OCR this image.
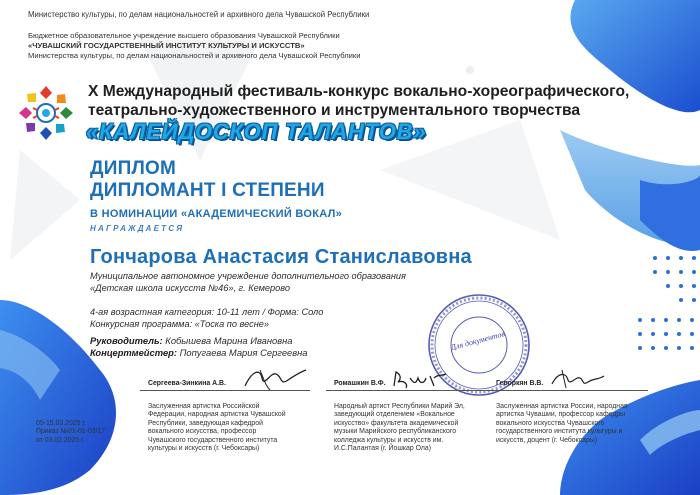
Министерство культуры, по делам национальностей и архивного дела Чувашской Республики
Бюджетное образовательное учреждение высшего образования Чувашской Республики
«ЧУВАШСКИЙ ГОСУДАРСТВЕННЫЙ ИНСТИТУТ КУЛЬТУРЫ И ИСКУССТВ»
Министерства культуры, по делам национальностей и архивного дела Чувашской Республики
X Международный фестиваль-конкурс вокально-хореографического,
театрально-художественного и инструментального творчества
«КАЛЕЙДОСКОП ТАЛАНТОВ»
ДИПЛОМ
ДИПЛОМАНТ I СТЕПЕНИ
В НОМИНАЦИИ «АКАДЕМИЧЕСКИЙ ВОКАЛ»
НАГРАЖДАЕТСЯ
Гончарова Анастасия Станиславовна
Муниципальное автономное учреждение дополнительного образования
«Детская школа искусств №46», г. Кемерово
4-ая возрастная категория: 10-11 лет / Форма: Соло
Конкурсная программа: «Тоска по весне»
Руководитель: Кобышева Марина Ивановна
Концертмейстер: Попугаева Мария Сергеевна
Для документов
Сергеева-Зинкина А.В.
Заслуженная артистка Российской
Федерации, народная артистка Чувашской
Республики, заведующая кафедрой
вокального искусства, профессор
Чувашского государственного института
культуры и искусств (г. Чебоксары)
Ромашкин В.Ф.
Народный артист Республики Марий Эл,
заведующий отделением «Вокальное
искусство» факультета академической
музыки Марийского республиканского
колледжа культуры и искусств им.
И.С.Палантая (г. Йошкар Ола)
Геворкян В.В.
Заслуженная артистка России, народная
артистка Чувашии, профессор кафедры
вокального искусства Чувашского
государственного института культуры и
искусств, доцент (г. Чебоксары)
05-15.03.2025 г.
Приказ №01-01-03/17
от 03.02.2025 г.
